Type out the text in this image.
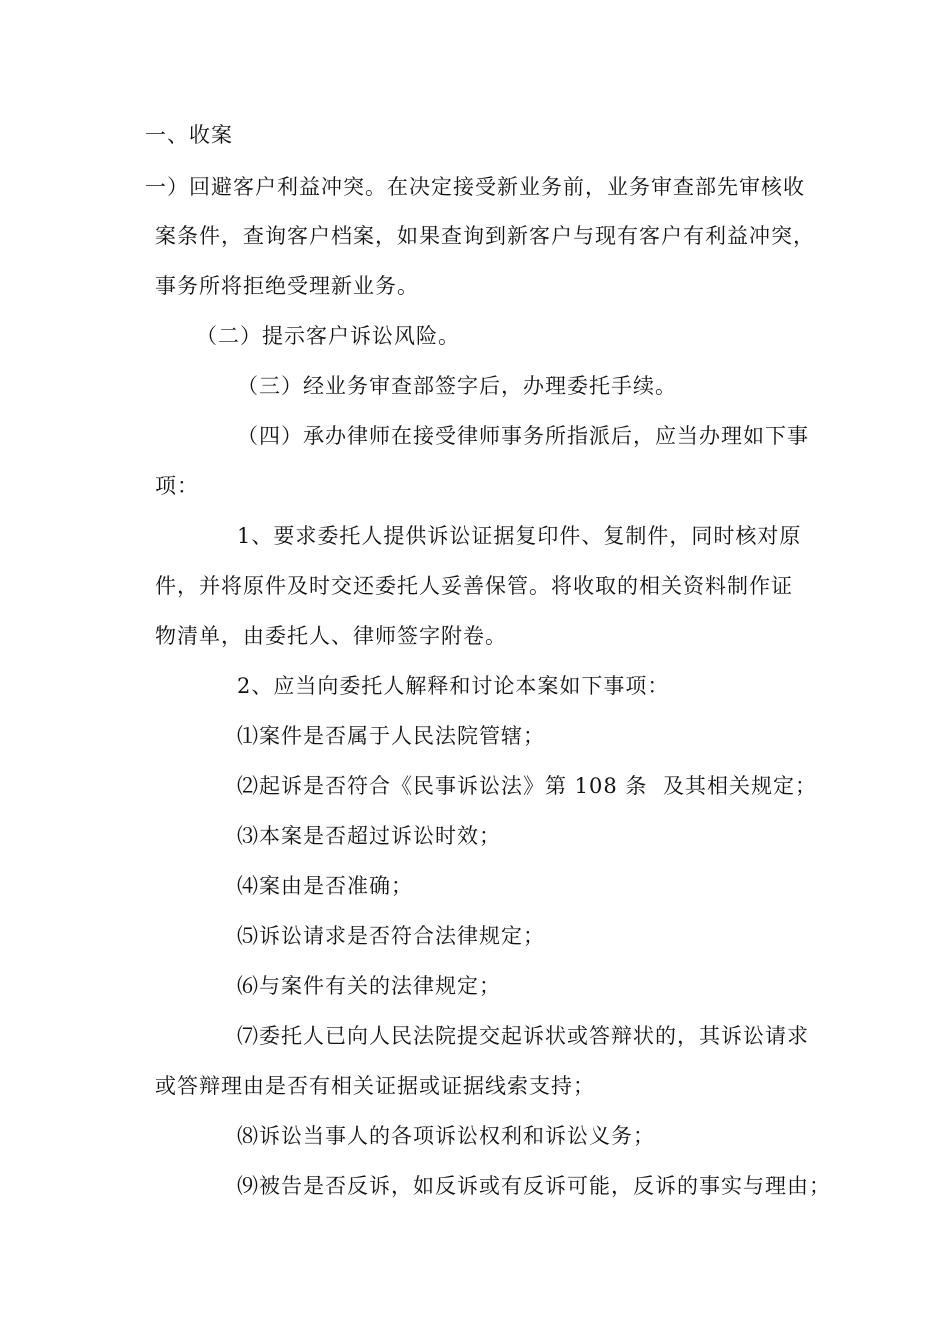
一、收案
一）回避客户利益冲突。在决定接受新业务前，业务审查部先审核收
案条件，查询客户档案，如果查询到新客户与现有客户有利益冲突，
事务所将拒绝受理新业务。
（二）提示客户诉讼风险。
（三）经业务审查部签字后，办理委托手续。
（四）承办律师在接受律师事务所指派后，应当办理如下事
项：
1、要求委托人提供诉讼证据复印件、复制件，同时核对原
件，并将原件及时交还委托人妥善保管。将收取的相关资料制作证
物清单，由委托人、律师签字附卷。
2、应当向委托人解释和讨论本案如下事项：
⑴案件是否属于人民法院管辖；
⑵起诉是否符合《民事诉讼法》第 108 条 及其相关规定；
⑶本案是否超过诉讼时效；
⑷案由是否准确；
⑸诉讼请求是否符合法律规定；
⑹与案件有关的法律规定；
⑺委托人已向人民法院提交起诉状或答辩状的，其诉讼请求
或答辩理由是否有相关证据或证据线索支持；
⑻诉讼当事人的各项诉讼权利和诉讼义务；
⑼被告是否反诉，如反诉或有反诉可能，反诉的事实与理由；
